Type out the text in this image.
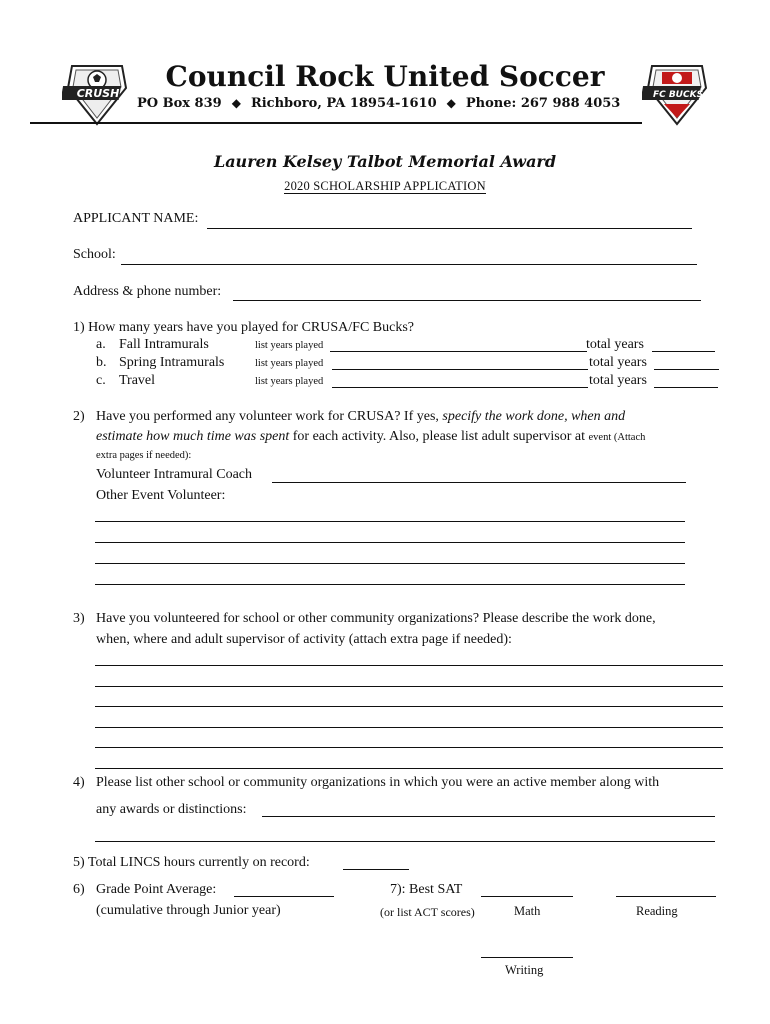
CRUSH	FC BUCKS
Council Rock United Soccer
PO Box 839 ◆ Richboro, PA 18954-1610 ◆ Phone: 267 988 4053
Lauren Kelsey Talbot Memorial Award
2020 SCHOLARSHIP APPLICATION
APPLICANT NAME:
School:
Address & phone number:
1) How many years have you played for CRUSA/FC Bucks?
a. Fall Intramurals	list years played	total years
b. Spring Intramurals	list years played	total years
c. Travel	list years played	total years
2) Have you performed any volunteer work for CRUSA? If yes, specify the work done, when and
estimate how much time was spent for each activity. Also, please list adult supervisor at event (Attach
extra pages if needed):
Volunteer Intramural Coach
Other Event Volunteer:
3) Have you volunteered for school or other community organizations? Please describe the work done,
when, where and adult supervisor of activity (attach extra page if needed):
4) Please list other school or community organizations in which you were an active member along with
any awards or distinctions:
5) Total LINCS hours currently on record:
6) Grade Point Average:
(cumulative through Junior year)
7): Best SAT
(or list ACT scores)	Math	Reading
Writing
